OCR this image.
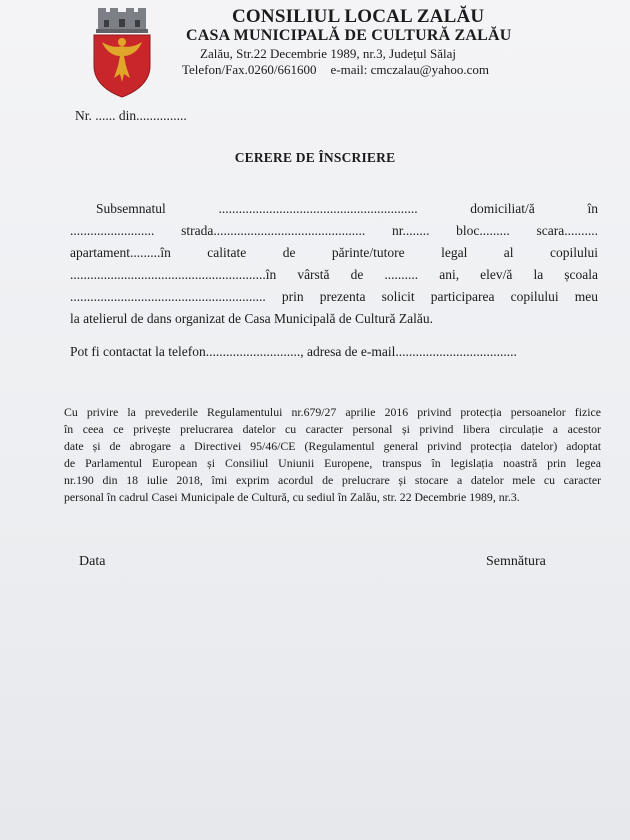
CONSILIUL LOCAL ZALĂU
CASA MUNICIPALĂ DE CULTURĂ ZALĂU
Zalău, Str.22 Decembrie 1989, nr.3, Județul Sălaj
Telefon/Fax.0260/661600 e-mail: cmczalau@yahoo.com
Nr. ...... din...............
CERERE DE ÎNSCRIERE
Subsemnatul ........................................................... domiciliat/ă în
......................... strada............................................. nr........ bloc......... scara..........
apartament.........în calitate de părinte/tutore legal al copilului
..........................................................în vârstă de .......... ani, elev/ă la școala
.......................................................... prin prezenta solicit participarea copilului meu
la atelierul de dans organizat de Casa Municipală de Cultură Zalău.
Pot fi contactat la telefon............................, adresa de e-mail....................................
Cu privire la prevederile Regulamentului nr.679/27 aprilie 2016 privind protecția persoanelor fizice
în ceea ce privește prelucrarea datelor cu caracter personal și privind libera circulație a acestor
date și de abrogare a Directivei 95/46/CE (Regulamentul general privind protecția datelor) adoptat
de Parlamentul European și Consiliul Uniunii Europene, transpus în legislația noastră prin legea
nr.190 din 18 iulie 2018, îmi exprim acordul de prelucrare și stocare a datelor mele cu caracter
personal în cadrul Casei Municipale de Cultură, cu sediul în Zalău, str. 22 Decembrie 1989, nr.3.
Data	Semnătura
